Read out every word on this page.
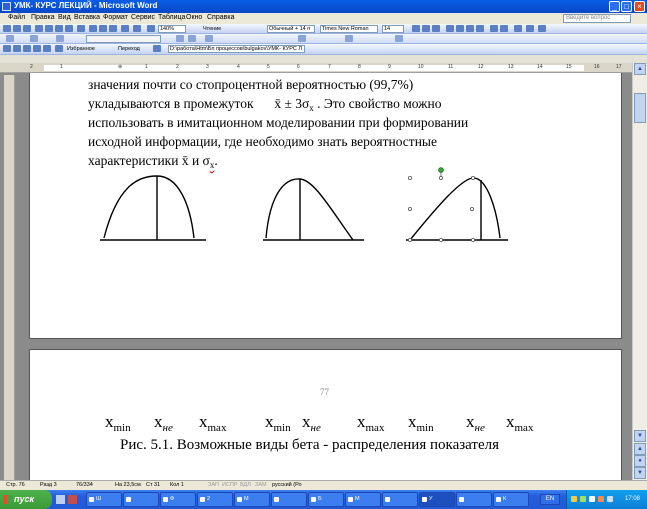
УМК- КУРС ЛЕКЦИЙ - Microsoft Word	_ □	×
Файл Правка Вид Вставка Формат Сервис Таблица Окно Справка	Введите вопрос
140%	Чтение	Обычный + 14 п	Times New Roman	14
Избранное	Переход	D:\работа\Htm\Бп процессов\bulgakov\УМК- КУРС Л
2	1	⊕	1	2	3	4	5	6	7	8	9	10	11	12	13	14	15	16	17
значения почти со стопроцентной вероятностью (99,7%)
укладываются в промежуток x̄ ± $3\sigma_x$ . Это свойство можно
использовать в имитационном моделировании при формировании
исходной информации, где необходимо знать вероятностные
характеристики x̄ и $\sigma_x$.
77
$x_{min}$ $x_{не}$ $x_{max}$ $x_{min}$ $x_{не}$ $x_{max}$ $x_{min}$ $x_{не}$ $x_{max}$
Рис. 5.1. Возможные виды бета - распределения показателя
▲
▼
▲
●
▼
Стр. 76	Разд 3	76/334	На 23,5см Ст 31 Кол 1	ЗАП ИСПР ВДЛ ЗАМ русский (Ро
пуск	Ш	Ф	2	М	Б	М	У	К	EN	17:08
